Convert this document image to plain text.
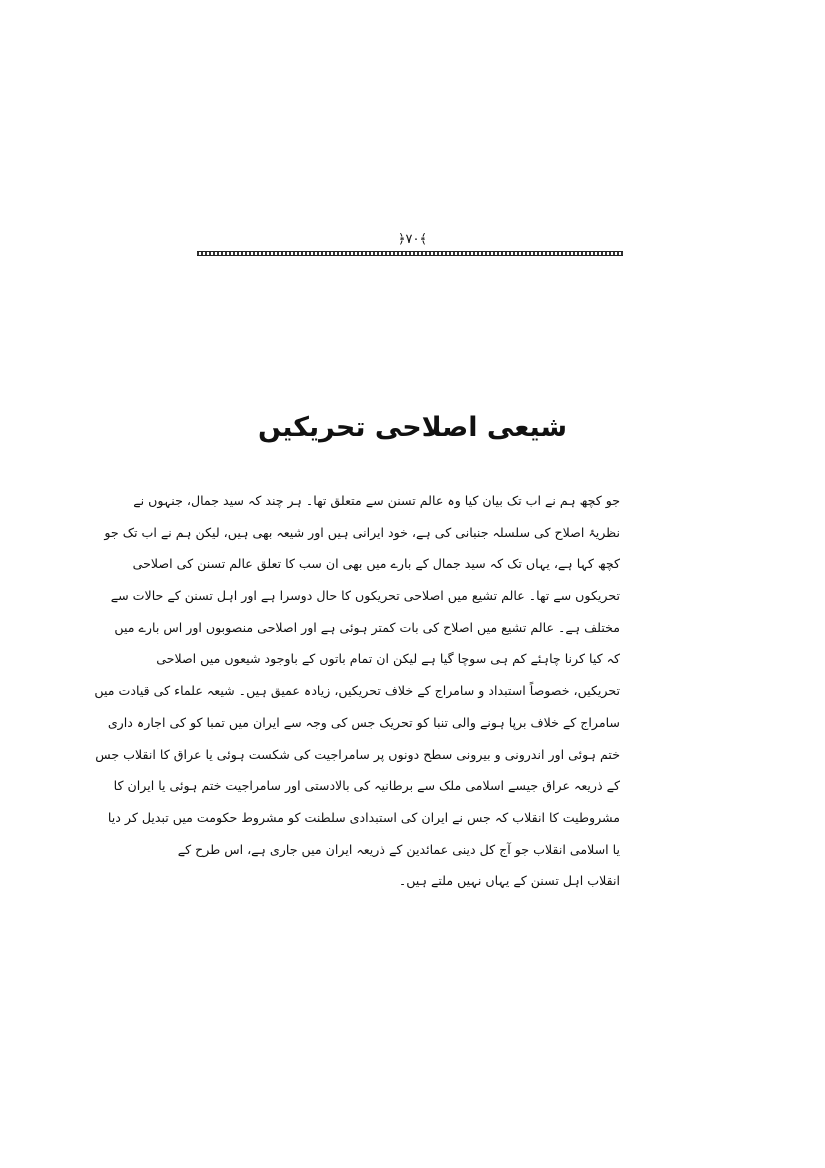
﴿۷۰﴾
شیعی اصلاحی تحریکیں
جو کچھ ہم نے اب تک بیان کیا وہ عالم تسنن سے متعلق تھا۔ ہر چند کہ سید جمال، جنہوں نے
نظریۂ اصلاح کی سلسلہ جنبانی کی ہے، خود ایرانی ہیں اور شیعہ بھی ہیں، لیکن ہم نے اب تک جو
کچھ کہا ہے، یہاں تک کہ سید جمال کے بارے میں بھی ان سب کا تعلق عالم تسنن کی اصلاحی
تحریکوں سے تھا۔ عالم تشیع میں اصلاحی تحریکوں کا حال دوسرا ہے اور اہل تسنن کے حالات سے
مختلف ہے۔ عالم تشیع میں اصلاح کی بات کمتر ہوئی ہے اور اصلاحی منصوبوں اور اس بارے میں
کہ کیا کرنا چاہئے کم ہی سوچا گیا ہے لیکن ان تمام باتوں کے باوجود شیعوں میں اصلاحی
تحریکیں، خصوصاً استبداد و سامراج کے خلاف تحریکیں، زیادہ عمیق ہیں۔ شیعہ علماء کی قیادت میں
سامراج کے خلاف برپا ہونے والی تنبا کو تحریک جس کی وجہ سے ایران میں تمبا کو کی اجارہ داری
ختم ہوئی اور اندرونی و بیرونی سطح دونوں پر سامراجیت کی شکست ہوئی یا عراق کا انقلاب جس
کے ذریعہ عراق جیسے اسلامی ملک سے برطانیہ کی بالادستی اور سامراجیت ختم ہوئی یا ایران کا
مشروطیت کا انقلاب کہ جس نے ایران کی استبدادی سلطنت کو مشروط حکومت میں تبدیل کر دیا
یا اسلامی انقلاب جو آج کل دینی عمائدین کے ذریعہ ایران میں جاری ہے، اس طرح کے
انقلاب اہل تسنن کے یہاں نہیں ملتے ہیں۔
